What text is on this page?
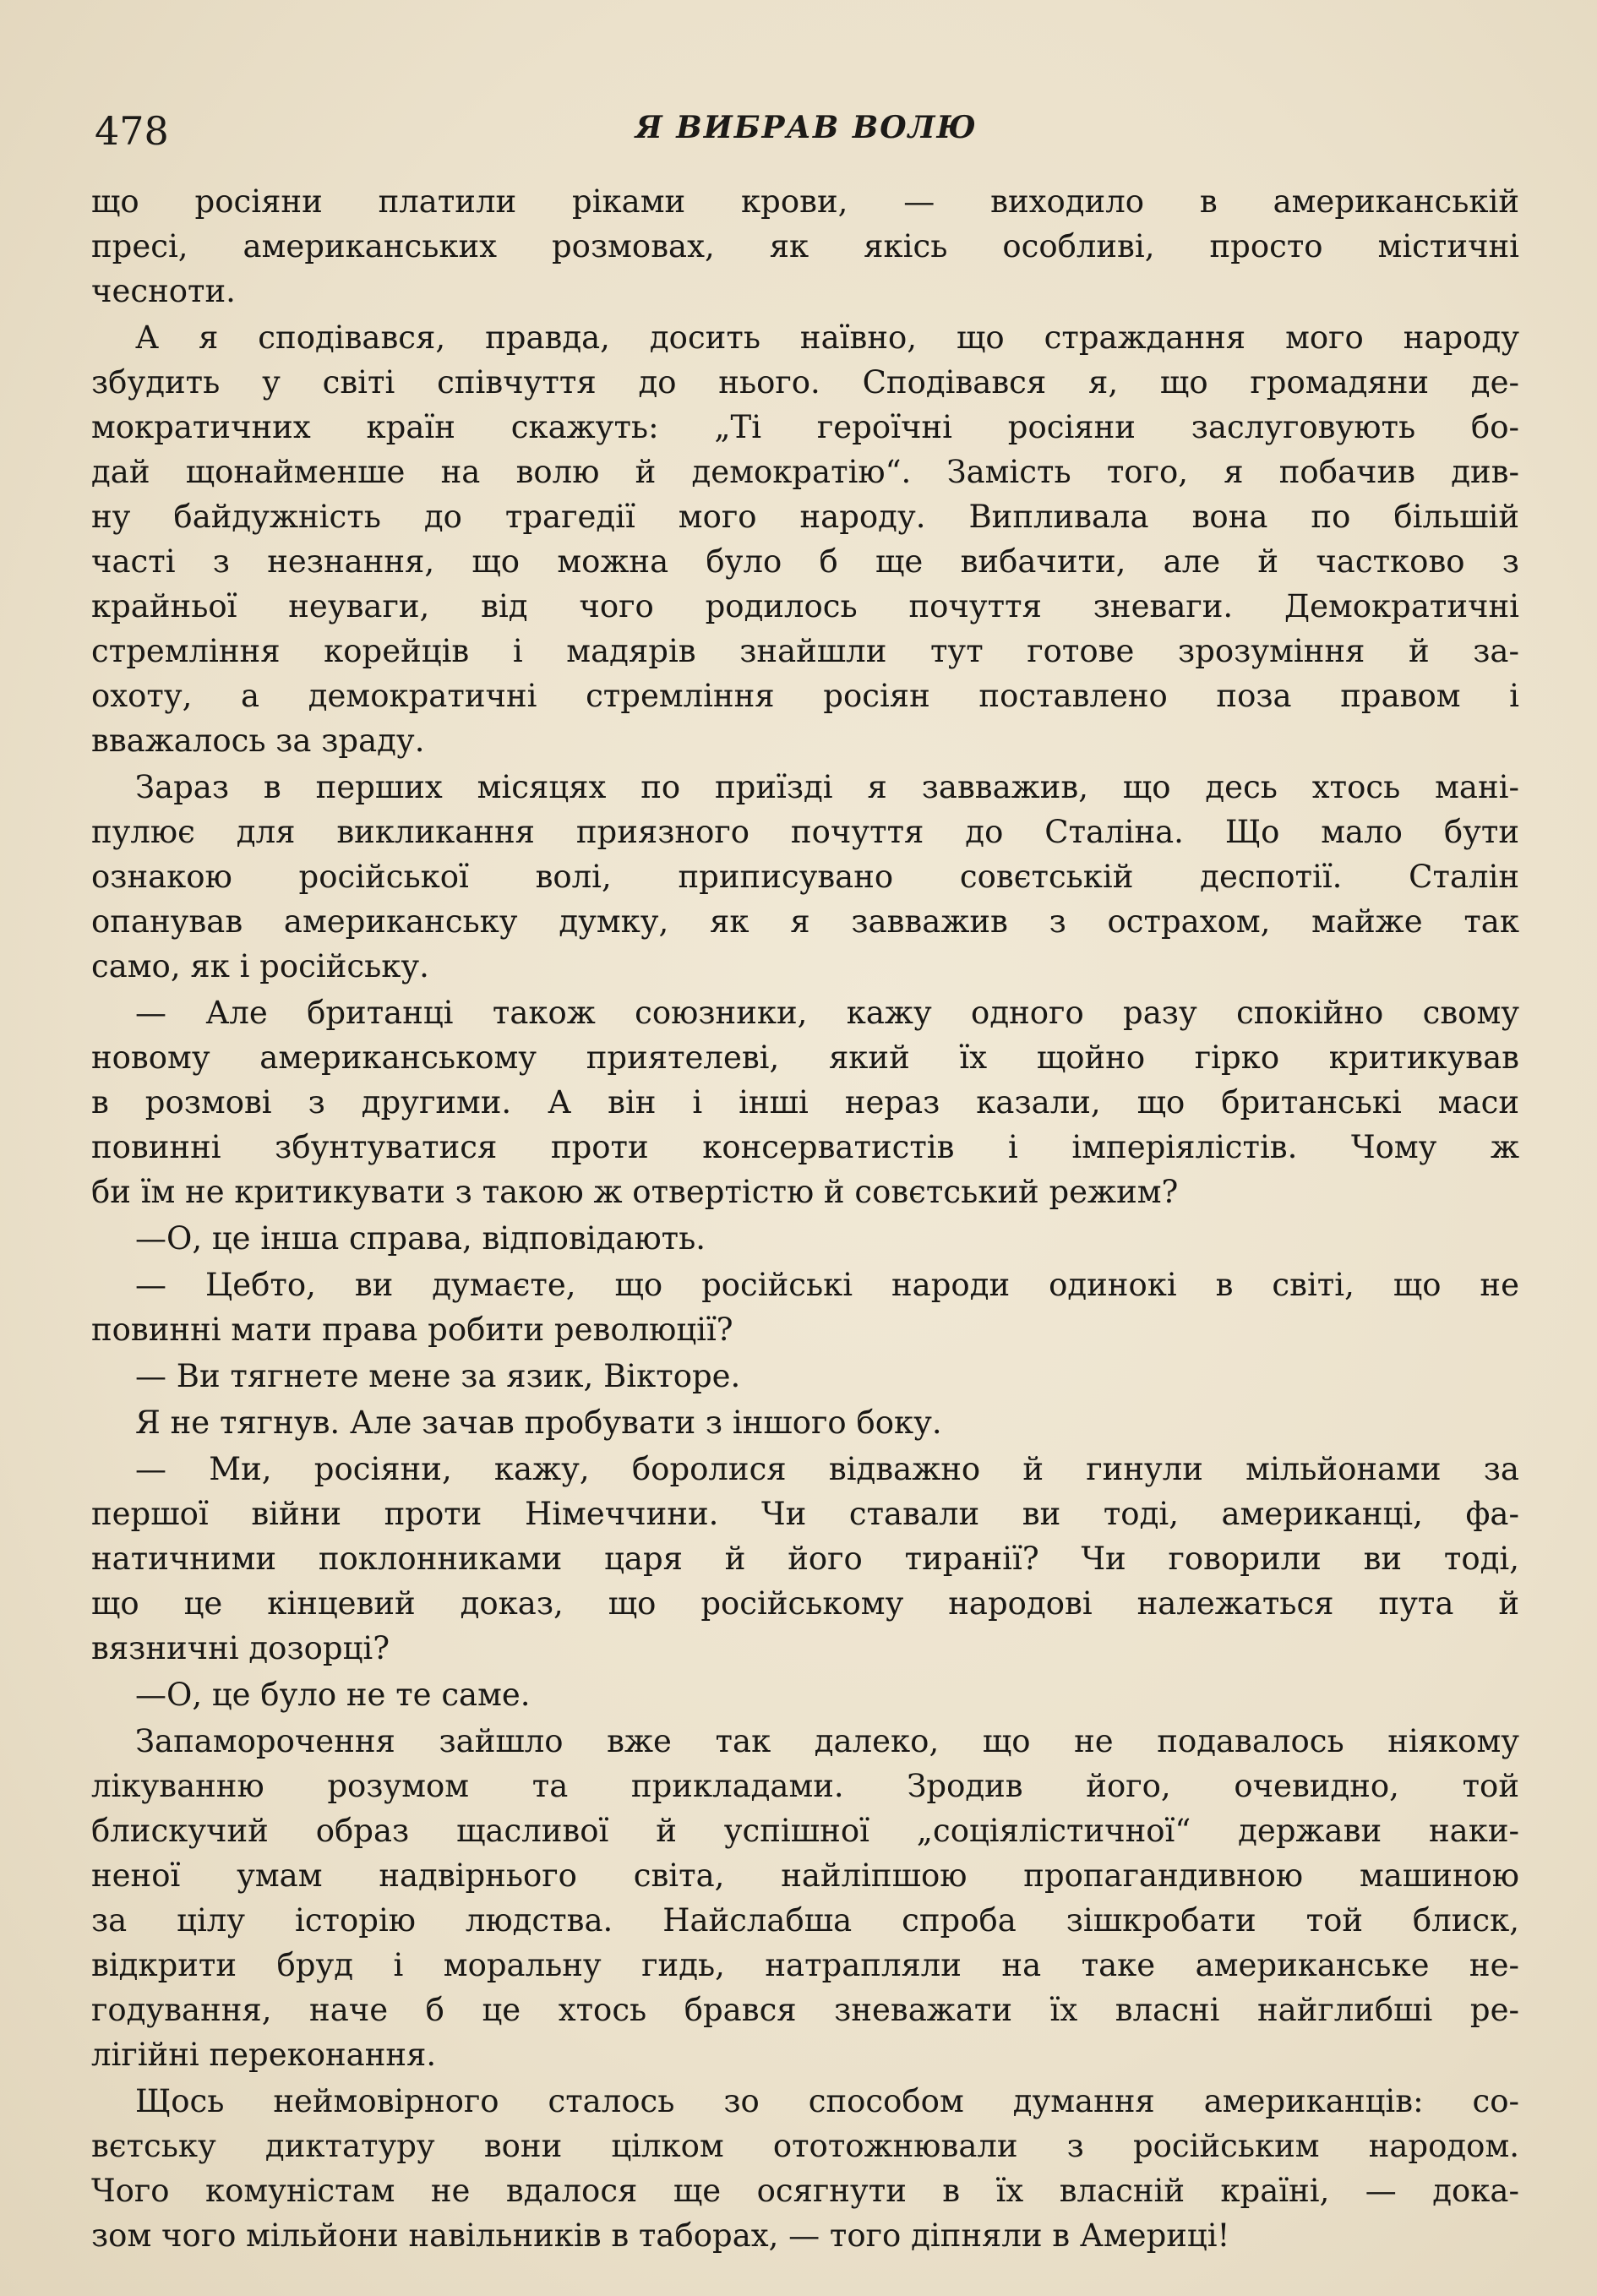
478	Я ВИБРАВ ВОЛЮ
що росіяни платили ріками крови, — виходило в американській
пресі, американських розмовах, як якісь особливі, просто містичні
чесноти.
А я сподівався, правда, досить наївно, що страждання мого народу
збудить у світі співчуття до нього. Сподівався я, що громадяни де-
мократичних країн скажуть: „Ті героїчні росіяни заслуговують бо-
дай щонайменше на волю й демократію“. Замість того, я побачив див-
ну байдужність до трагедії мого народу. Випливала вона по більшій
часті з незнання, що можна було б ще вибачити, але й частково з
крайньої неуваги, від чого родилось почуття зневаги. Демократичні
стремління корейців і мадярів знайшли тут готове зрозуміння й за-
охоту, а демократичні стремління росіян поставлено поза правом і
вважалось за зраду.
Зараз в перших місяцях по приїзді я завважив, що десь хтось мані-
пулює для викликання приязного почуття до Сталіна. Що мало бути
ознакою російської волі, приписувано совєтській деспотії. Сталін
опанував американську думку, як я завважив з острахом, майже так
само, як і російську.
— Але британці також союзники, кажу одного разу спокійно свому
новому американському приятелеві, який їх щойно гірко критикував
в розмові з другими. А він і інші нераз казали, що британські маси
повинні збунтуватися проти консерватистів і імперіялістів. Чому ж
би їм не критикувати з такою ж отвертістю й совєтський режим?
—О, це інша справа, відповідають.
— Цебто, ви думаєте, що російські народи одинокі в світі, що не
повинні мати права робити революції?
— Ви тягнете мене за язик, Вікторе.
Я не тягнув. Але зачав пробувати з іншого боку.
— Ми, росіяни, кажу, боролися відважно й гинули мільйонами за
першої війни проти Німеччини. Чи ставали ви тоді, американці, фа-
натичними поклонниками царя й його тиранії? Чи говорили ви тоді,
що це кінцевий доказ, що російському народові належаться пута й
вязничні дозорці?
—О, це було не те саме.
Запаморочення зайшло вже так далеко, що не подавалось ніякому
лікуванню розумом та прикладами. Зродив його, очевидно, той
блискучий образ щасливої й успішної „соціялістичної“ держави наки-
неної умам надвірнього світа, найліпшою пропагандивною машиною
за цілу історію людства. Найслабша спроба зішкробати той блиск,
відкрити бруд і моральну гидь, натрапляли на таке американське не-
годування, наче б це хтось брався зневажати їх власні найглибші ре-
лігійні переконання.
Щось неймовірного сталось зо способом думання американців: со-
вєтську диктатуру вони цілком ототожнювали з російським народом.
Чого комуністам не вдалося ще осягнути в їх власній країні, — дока-
зом чого мільйони навільників в таборах, — того діпняли в Америці!
